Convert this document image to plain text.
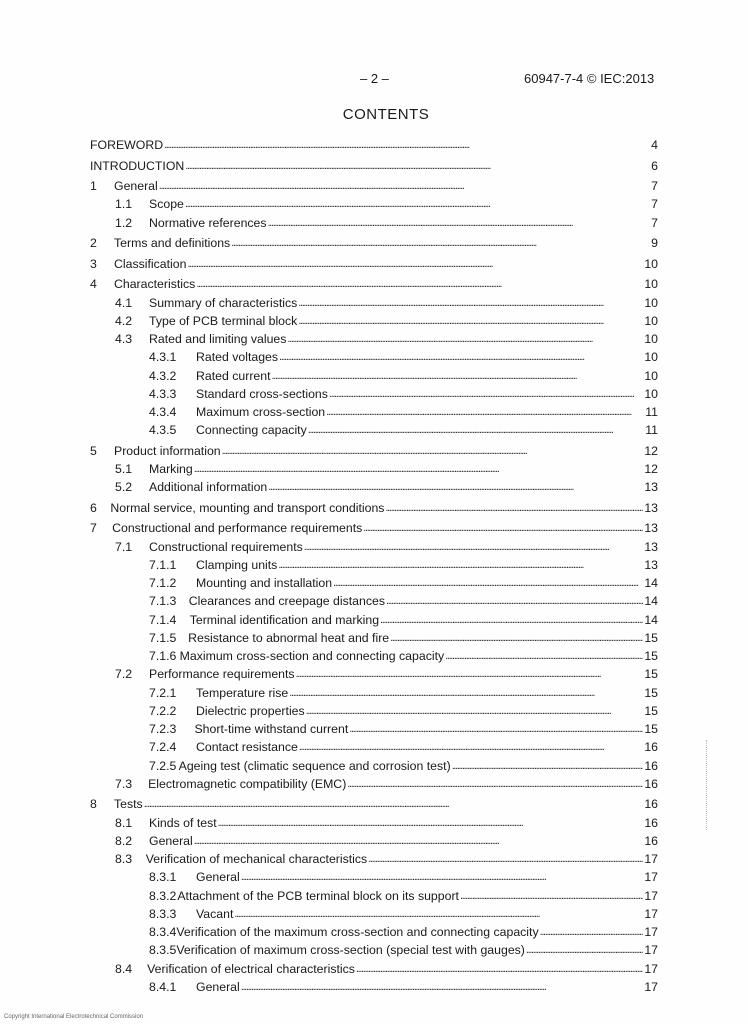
– 2 –	60947-7-4 © IEC:2013
CONTENTS
FOREWORD . . .	4
INTRODUCTION . . .	6
1	General . . .	7
1.1	Scope . . .	7
1.2	Normative references . . .	7
2	Terms and definitions . . .	9
3	Classification . . .	10
4	Characteristics . . .	10
4.1	Summary of characteristics . . .	10
4.2	Type of PCB terminal block . . .	10
4.3	Rated and limiting values . . .	10
4.3.1	Rated voltages . . .	10
4.3.2	Rated current . . .	10
4.3.3	Standard cross-sections . . .	10
4.3.4	Maximum cross-section . . .	11
4.3.5	Connecting capacity . . .	11
5	Product information . . .	12
5.1	Marking . . .	12
5.2	Additional information . . .	13
6	Normal service, mounting and transport conditions . . .	13
7	Constructional and performance requirements . . .	13
7.1	Constructional requirements . . .	13
7.1.1	Clamping units . . .	13
7.1.2	Mounting and installation . . .	14
7.1.3	Clearances and creepage distances . . .	14
7.1.4	Terminal identification and marking . . .	14
7.1.5 Resistance to abnormal heat and fire . . .	15
7.1.6 Maximum cross-section and connecting capacity . . .	15
7.2	Performance requirements . . .	15
7.2.1	Temperature rise . . .	15
7.2.2	Dielectric properties . . .	15
7.2.3	Short-time withstand current . . .	15
7.2.4	Contact resistance . . .	16
7.2.5 Ageing test (climatic sequence and corrosion test) . . .	16
7.3	Electromagnetic compatibility (EMC) . . .	16
8	Tests . . .	16
8.1	Kinds of test . . .	16
8.2	General . . .	16
8.3	Verification of mechanical characteristics . . .	17
8.3.1	General . . .	17
8.3.2 Attachment of the PCB terminal block on its support . . .	17
8.3.3	Vacant . . .	17
8.3.4 Verification of the maximum cross-section and connecting capacity . . .	17
8.3.5 Verification of maximum cross-section (special test with gauges) . . .	17
8.4	Verification of electrical characteristics . . .	17
8.4.1	General . . .	17
Copyright International Electrotechnical Commission
